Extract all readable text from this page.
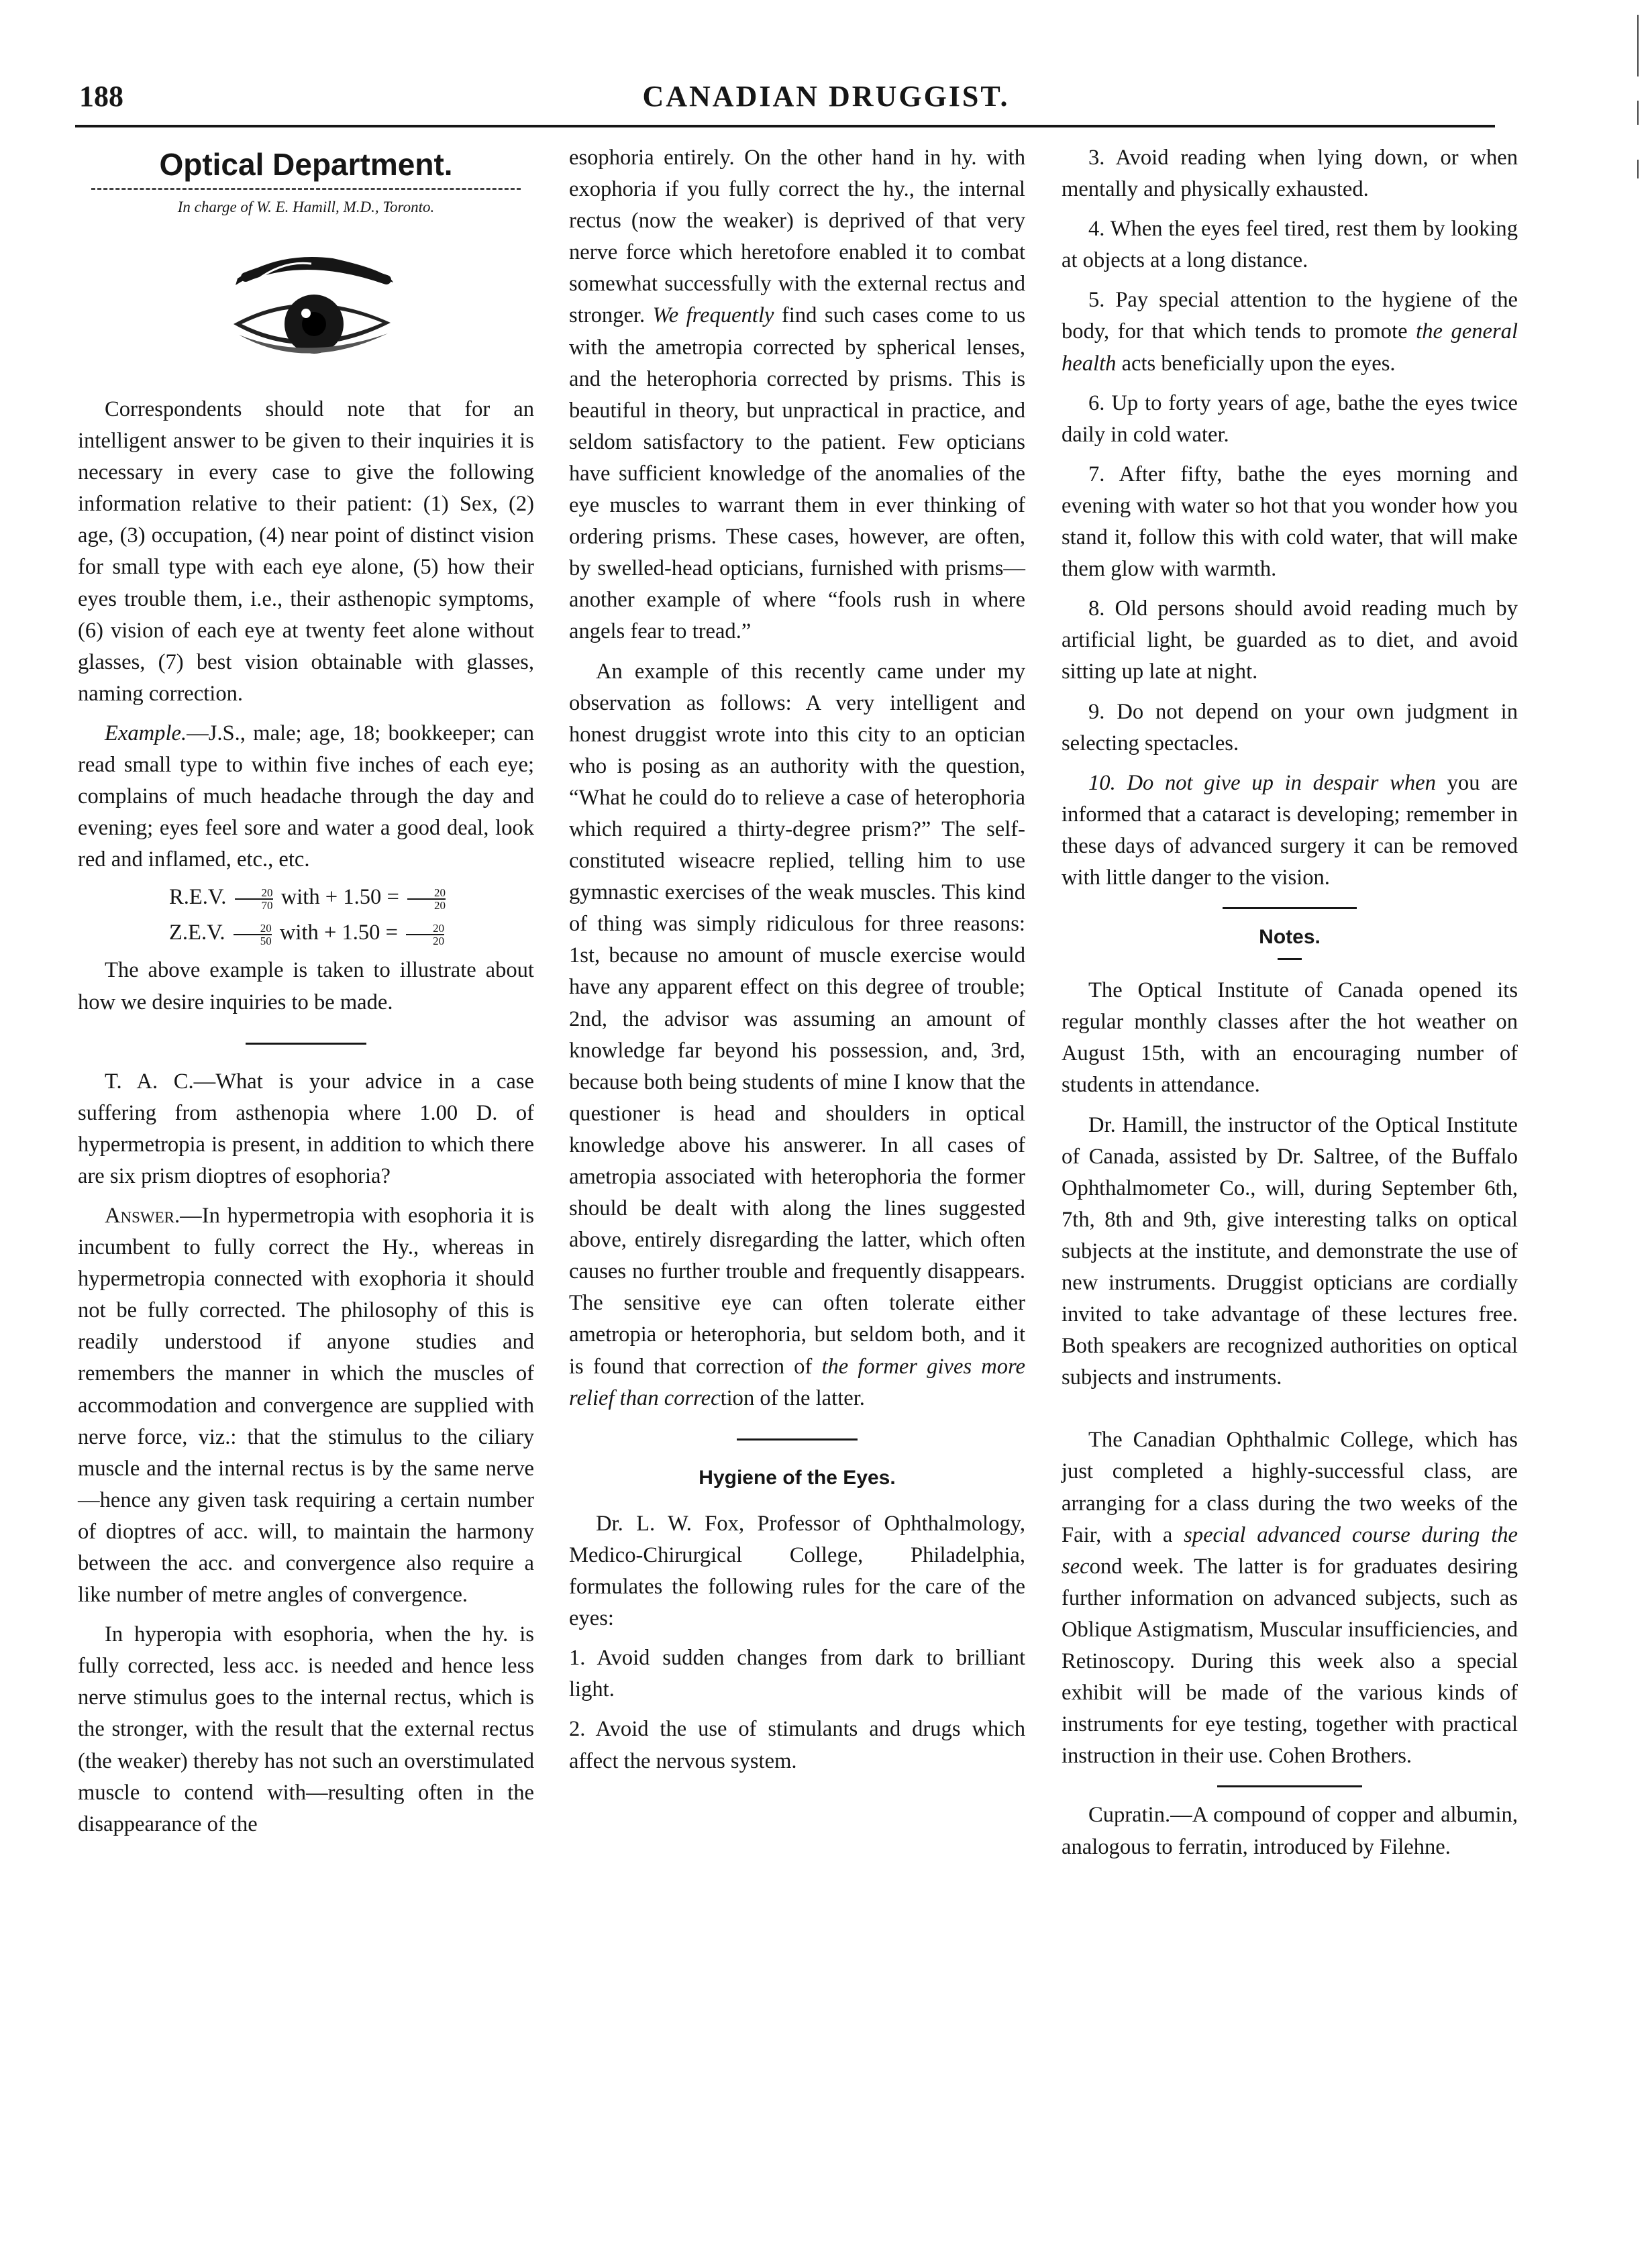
188	CANADIAN DRUGGIST.
Optical Department.
In charge of W. E. Hamill, M.D., Toronto.

Correspondents should note that for an intelligent answer to be given to their inquiries it is necessary in every case to give the following information relative to their patient: (1) Sex, (2) age, (3) occupation, (4) near point of distinct vision for small type with each eye alone, (5) how their eyes trouble them, i.e., their asthenopic symptoms, (6) vision of each eye at twenty feet alone without glasses, (7) best vision obtainable with glasses, naming correction.

Example.—J.S., male; age, 18; bookkeeper; can read small type to within five inches of each eye; complains of much headache through the day and evening; eyes feel sore and water a good deal, look red and inflamed, etc., etc.

R.E.V. $\frac{20}{70}$ with + $1.50 = \frac{20}{20}$

Z.E.V. $\frac{20}{50}$ with + $1.50 = \frac{20}{20}$

The above example is taken to illustrate about how we desire inquiries to be made.

T. A. C.—What is your advice in a case suffering from asthenopia where 1.00 D. of hypermetropia is present, in addition to which there are six prism dioptres of esophoria?

Answer.—In hypermetropia with esophoria it is incumbent to fully correct the Hy., whereas in hypermetropia connected with exophoria it should not be fully corrected. The philosophy of this is readily understood if anyone studies and remembers the manner in which the muscles of accommodation and convergence are supplied with nerve force, viz.: that the stimulus to the ciliary muscle and the internal rectus is by the same nerve—hence any given task requiring a certain number of dioptres of acc. will, to maintain the harmony between the acc. and convergence also require a like number of metre angles of convergence.

In hyperopia with esophoria, when the hy. is fully corrected, less acc. is needed and hence less nerve stimulus goes to the internal rectus, which is the stronger, with the result that the external rectus (the weaker) thereby has not such an overstimulated muscle to contend with—resulting often in the disappearance of the

esophoria entirely. On the other hand in hy. with exophoria if you fully correct the hy., the internal rectus (now the weaker) is deprived of that very nerve force which heretofore enabled it to combat somewhat successfully with the external rectus and stronger. We frequently find such cases come to us with the ametropia corrected by spherical lenses, and the heterophoria corrected by prisms. This is beautiful in theory, but unpractical in practice, and seldom satisfactory to the patient. Few opticians have sufficient knowledge of the anomalies of the eye muscles to warrant them in ever thinking of ordering prisms. These cases, however, are often, by swelled-head opticians, furnished with prisms—another example of where “fools rush in where angels fear to tread.”

An example of this recently came under my observation as follows: A very intelligent and honest druggist wrote into this city to an optician who is posing as an authority with the question, “What he could do to relieve a case of heterophoria which required a thirty-degree prism?” The self-constituted wiseacre replied, telling him to use gymnastic exercises of the weak muscles. This kind of thing was simply ridiculous for three reasons: 1st, because no amount of muscle exercise would have any apparent effect on this degree of trouble; 2nd, the advisor was assuming an amount of knowledge far beyond his possession, and, 3rd, because both being students of mine I know that the questioner is head and shoulders in optical knowledge above his answerer. In all cases of ametropia associated with heterophoria the former should be dealt with along the lines suggested above, entirely disregarding the latter, which often causes no further trouble and frequently disappears. The sensitive eye can often tolerate either ametropia or heterophoria, but seldom both, and it is found that correction of the former gives more relief than correction of the latter.

Hygiene of the Eyes.

Dr. L. W. Fox, Professor of Ophthalmology, Medico-Chirurgical College, Philadelphia, formulates the following rules for the care of the eyes:

1. Avoid sudden changes from dark to brilliant light.

2. Avoid the use of stimulants and drugs which affect the nervous system.

3. Avoid reading when lying down, or when mentally and physically exhausted.

4. When the eyes feel tired, rest them by looking at objects at a long distance.

5. Pay special attention to the hygiene of the body, for that which tends to promote the general health acts beneficially upon the eyes.

6. Up to forty years of age, bathe the eyes twice daily in cold water.

7. After fifty, bathe the eyes morning and evening with water so hot that you wonder how you stand it, follow this with cold water, that will make them glow with warmth.

8. Old persons should avoid reading much by artificial light, be guarded as to diet, and avoid sitting up late at night.

9. Do not depend on your own judgment in selecting spectacles.

10. Do not give up in despair when you are informed that a cataract is developing; remember in these days of advanced surgery it can be removed with little danger to the vision.

Notes.

The Optical Institute of Canada opened its regular monthly classes after the hot weather on August 15th, with an encouraging number of students in attendance.

Dr. Hamill, the instructor of the Optical Institute of Canada, assisted by Dr. Saltree, of the Buffalo Ophthalmometer Co., will, during September 6th, 7th, 8th and 9th, give interesting talks on optical subjects at the institute, and demonstrate the use of new instruments. Druggist opticians are cordially invited to take advantage of these lectures free. Both speakers are recognized authorities on optical subjects and instruments.

The Canadian Ophthalmic College, which has just completed a highly-successful class, are arranging for a class during the two weeks of the Fair, with a special advanced course during the second week. The latter is for graduates desiring further information on advanced subjects, such as Oblique Astigmatism, Muscular insufficiencies, and Retinoscopy. During this week also a special exhibit will be made of the various kinds of instruments for eye testing, together with practical instruction in their use. Cohen Brothers.

Cupratin.—A compound of copper and albumin, analogous to ferratin, introduced by Filehne.
